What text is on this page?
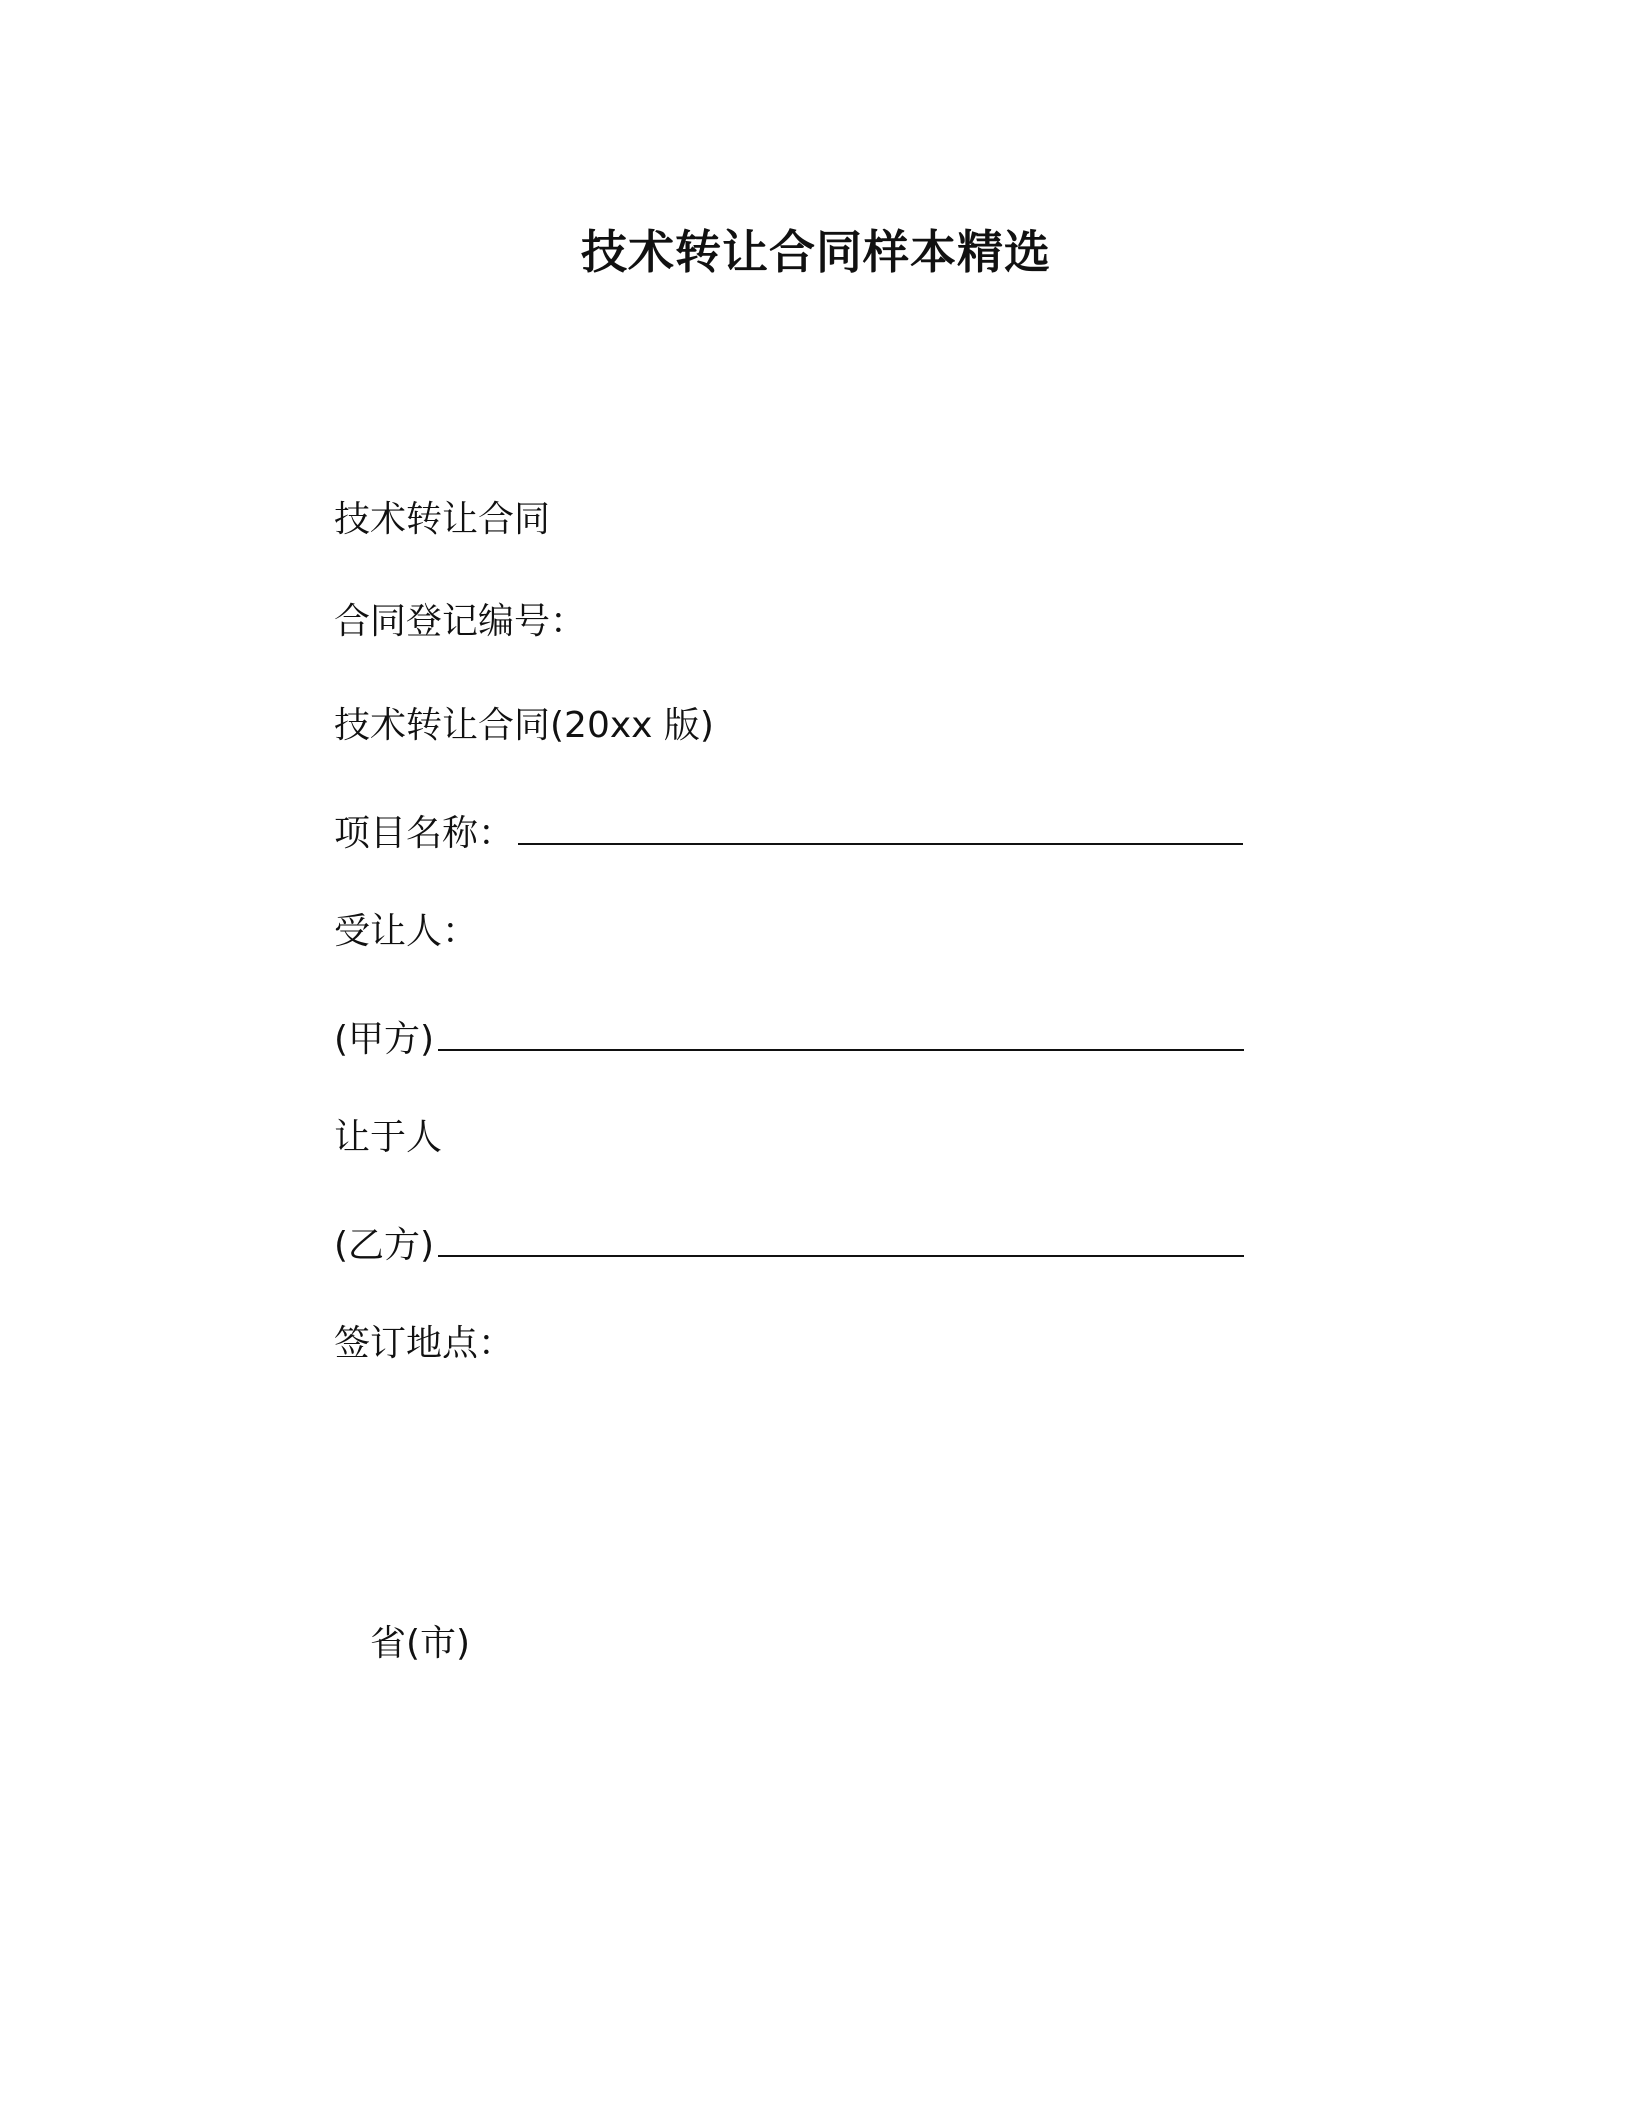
技术转让合同样本精选
技术转让合同
合同登记编号：
技术转让合同(20xx 版)
项目名称：
受让人：
(甲方)
让于人
(乙方)
签订地点：
省(市)
